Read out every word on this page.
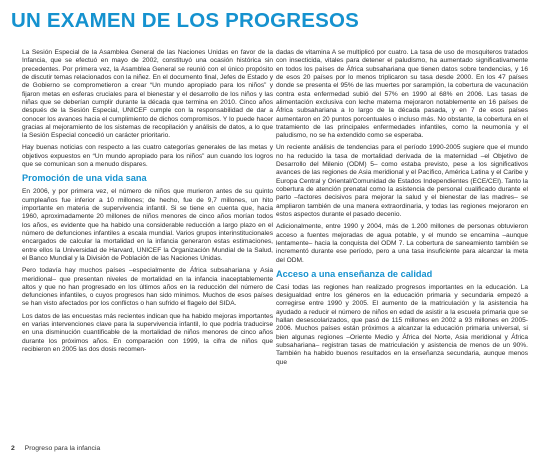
UN EXAMEN DE LOS PROGRESOS

La Sesión Especial de la Asamblea General de las Naciones Unidas en favor de la Infancia, que se efectuó en mayo de 2002, constituyó una ocasión histórica sin precedentes. Por primera vez, la Asamblea General se reunió con el único propósito de discutir temas relacionados con la niñez. En el documento final, Jefes de Estado y de Gobierno se comprometieron a crear “Un mundo apropiado para los niños” y fijaron metas en esferas cruciales para el bienestar y el desarrollo de los niños y las niñas que se deberían cumplir durante la década que termina en 2010. Cinco años después de la Sesión Especial, UNICEF cumple con la responsabilidad de dar a conocer los avances hacia el cumplimiento de dichos compromisos. Y lo puede hacer gracias al mejoramiento de los sistemas de recopilación y análisis de datos, a lo que la Sesión Especial concedió un carácter prioritario.

Hay buenas noticias con respecto a las cuatro categorías generales de las metas y objetivos expuestos en “Un mundo apropiado para los niños” aun cuando los logros que se comunican son a menudo dispares.

Promoción de una vida sana

En 2006, y por primera vez, el número de niños que murieron antes de su quinto cumpleaños fue inferior a 10 millones; de hecho, fue de 9,7 millones, un hito importante en materia de supervivencia infantil. Si se tiene en cuenta que, hacia 1960, aproximadamente 20 millones de niños menores de cinco años morían todos los años, es evidente que ha habido una considerable reducción a largo plazo en el número de defunciones infantiles a escala mundial. Varios grupos interinstitucionales encargados de calcular la mortalidad en la infancia generaron estas estimaciones, entre ellos la Universidad de Harvard, UNICEF la Organización Mundial de la Salud, el Banco Mundial y la División de Población de las Naciones Unidas.

Pero todavía hay muchos países –especialmente de África subsahariana y Asia meridional– que presentan niveles de mortalidad en la infancia inaceptablemente altos y que no han progresado en los últimos años en la reducción del número de defunciones infantiles, o cuyos progresos han sido mínimos. Muchos de esos países se han visto afectados por los conflictos o han sufrido el flagelo del SIDA.

Los datos de las encuestas más recientes indican que ha habido mejoras importantes en varias intervenciones clave para la supervivencia infantil, lo que podría traducirse en una disminución cuantificable de la mortalidad de niños menores de cinco años durante los próximos años. En comparación con 1999, la cifra de niños que recibieron en 2005 las dos dosis recomen-

dadas de vitamina A se multiplicó por cuatro. La tasa de uso de mosquiteros tratados con insecticida, vitales para detener el paludismo, ha aumentado significativamente en todos los países de África subsahariana que tienen datos sobre tendencias, y 16 de esos 20 países por lo menos triplicaron su tasa desde 2000. En los 47 países donde se presenta el 95% de las muertes por sarampión, la cobertura de vacunación contra esta enfermedad subió del 57% en 1990 al 68% en 2006. Las tasas de alimentación exclusiva con leche materna mejoraron notablemente en 16 países de África subsahariana a lo largo de la década pasada, y en 7 de esos países aumentaron en 20 puntos porcentuales o incluso más. No obstante, la cobertura en el tratamiento de las principales enfermedades infantiles, como la neumonía y el paludismo, no se ha extendido como se esperaba.

Un reciente análisis de tendencias para el período 1990-2005 sugiere que el mundo no ha reducido la tasa de mortalidad derivada de la maternidad –el Objetivo de Desarrollo del Milenio (ODM) 5– como estaba previsto, pese a los significativos avances de las regiones de Asia meridional y el Pacífico, América Latina y el Caribe y Europa Central y Oriental/Comunidad de Estados Independientes (ECE/CEI). Tanto la cobertura de atención prenatal como la asistencia de personal cualificado durante el parto –factores decisivos para mejorar la salud y el bienestar de las madres– se ampliaron también de una manera extraordinaria, y todas las regiones mejoraron en estos aspectos durante el pasado decenio.

Adicionalmente, entre 1990 y 2004, más de 1.200 millones de personas obtuvieron acceso a fuentes mejoradas de agua potable, y el mundo se encamina –aunque lentamente– hacia la conquista del ODM 7. La cobertura de saneamiento también se incrementó durante ese período, pero a una tasa insuficiente para alcanzar la meta del ODM.

Acceso a una enseñanza de calidad

Casi todas las regiones han realizado progresos importantes en la educación. La desigualdad entre los géneros en la educación primaria y secundaria empezó a corregirse entre 1990 y 2005. El aumento de la matriculación y la asistencia ha ayudado a reducir el número de niños en edad de asistir a la escuela primaria que se hallan desescolarizados, que pasó de 115 millones en 2002 a 93 millones en 2005-2006. Muchos países están próximos a alcanzar la educación primaria universal, si bien algunas regiones –Oriente Medio y África del Norte, Asia meridional y África subsahariana– registran tasas de matriculación y asistencia de menos de un 90%. También ha habido buenos resultados en la enseñanza secundaria, aunque menos que

2 Progreso para la infancia
